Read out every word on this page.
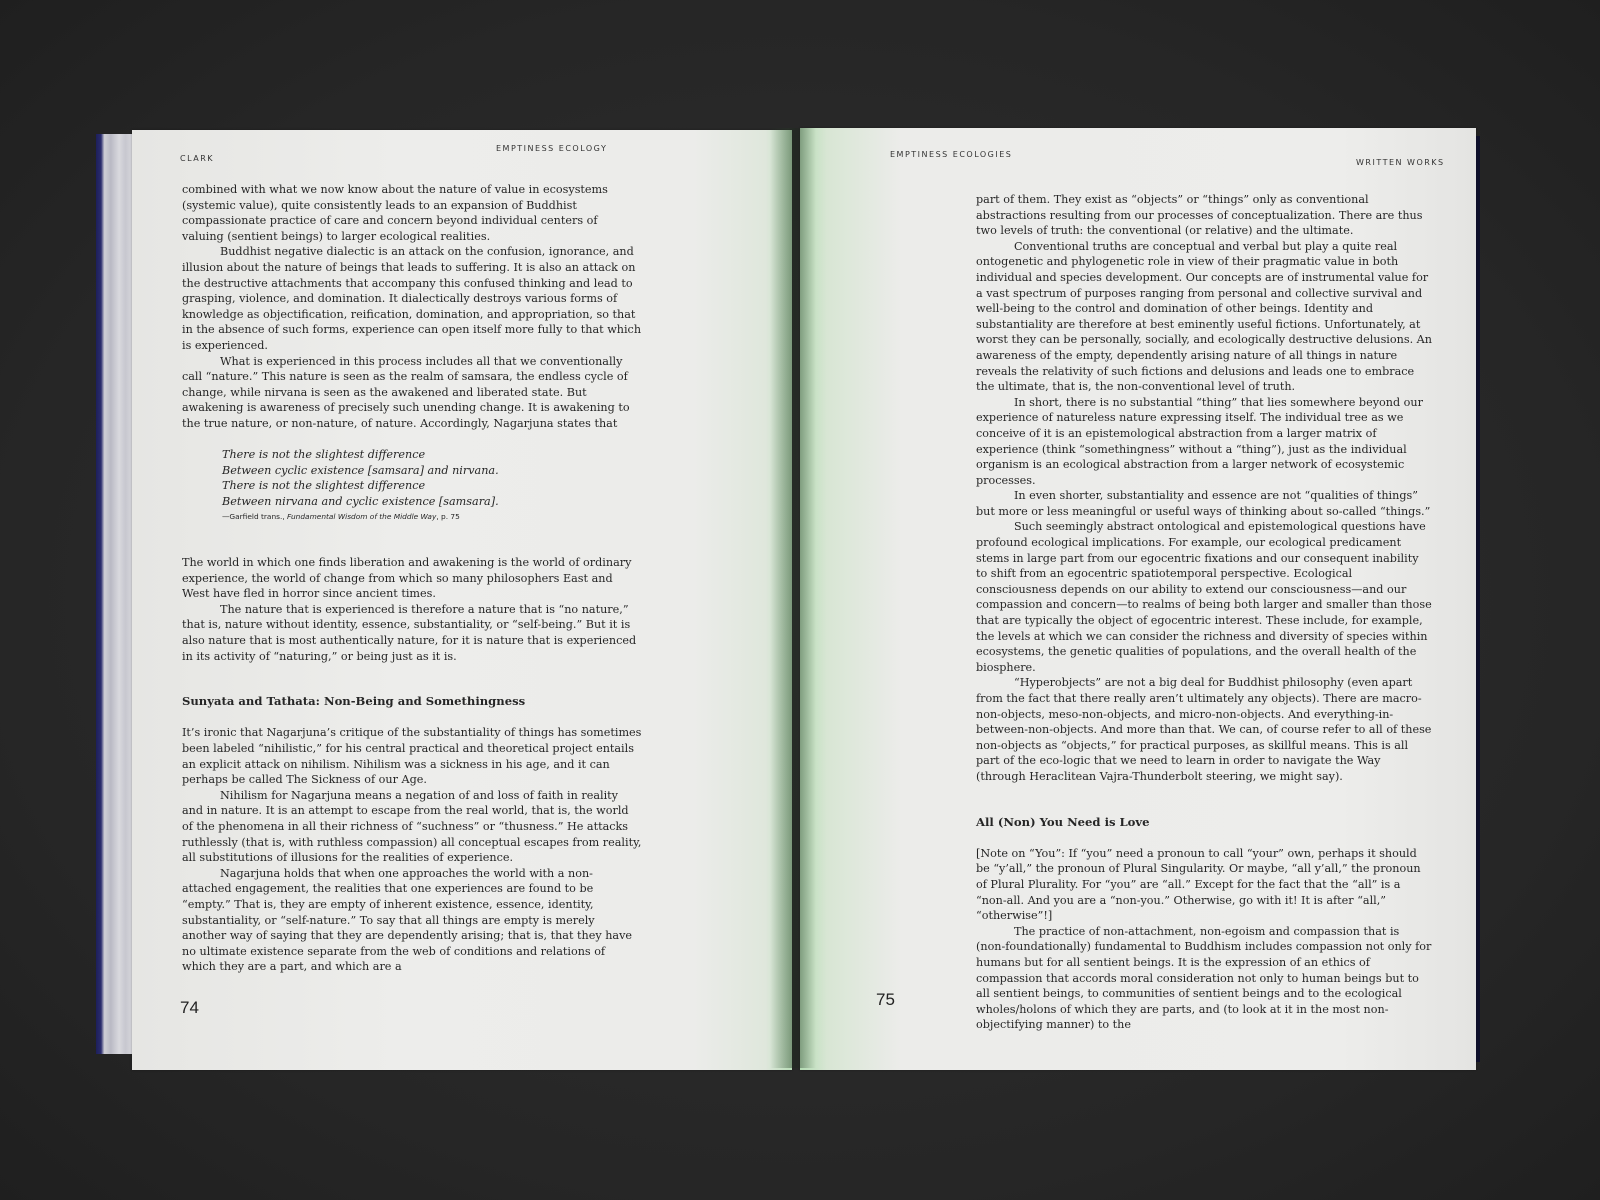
CLARK
EMPTINESS ECOLOGY

combined with what we now know about the nature of value in ecosystems (systemic value), quite consistently leads to an expansion of Buddhist compassionate practice of care and concern beyond individual centers of valuing (sentient beings) to larger ecological realities.

Buddhist negative dialectic is an attack on the confusion, ignorance, and illusion about the nature of beings that leads to suffering. It is also an attack on the destructive attachments that accompany this confused thinking and lead to grasping, violence, and domination. It dialectically destroys various forms of knowledge as objectification, reification, domination, and appropriation, so that in the absence of such forms, experience can open itself more fully to that which is experienced.

What is experienced in this process includes all that we conventionally call “nature.” This nature is seen as the realm of samsara, the endless cycle of change, while nirvana is seen as the awakened and liberated state. But awakening is awareness of precisely such unending change. It is awakening to the true nature, or non-nature, of nature. Accordingly, Nagarjuna states that

There is not the slightest difference
Between cyclic existence [samsara] and nirvana.
There is not the slightest difference
Between nirvana and cyclic existence [samsara].
—Garfield trans., Fundamental Wisdom of the Middle Way, p. 75

The world in which one finds liberation and awakening is the world of ordinary experience, the world of change from which so many philosophers East and West have fled in horror since ancient times.

The nature that is experienced is therefore a nature that is “no nature,” that is, nature without identity, essence, substantiality, or “self-being.” But it is also nature that is most authentically nature, for it is nature that is experienced in its activity of “naturing,” or being just as it is.

Sunyata and Tathata: Non-Being and Somethingness

It’s ironic that Nagarjuna’s critique of the substantiality of things has sometimes been labeled “nihilistic,” for his central practical and theoretical project entails an explicit attack on nihilism. Nihilism was a sickness in his age, and it can perhaps be called The Sickness of our Age.

Nihilism for Nagarjuna means a negation of and loss of faith in reality and in nature. It is an attempt to escape from the real world, that is, the world of the phenomena in all their richness of “suchness” or “thusness.” He attacks ruthlessly (that is, with ruthless compassion) all conceptual escapes from reality, all substitutions of illusions for the realities of experience.

Nagarjuna holds that when one approaches the world with a non-attached engagement, the realities that one experiences are found to be “empty.” That is, they are empty of inherent existence, essence, identity, substantiality, or “self-nature.” To say that all things are empty is merely another way of saying that they are dependently arising; that is, that they have no ultimate existence separate from the web of conditions and relations of which they are a part, and which are a

74
EMPTINESS ECOLOGIES
WRITTEN WORKS

part of them. They exist as “objects” or “things” only as conventional abstractions resulting from our processes of conceptualization. There are thus two levels of truth: the conventional (or relative) and the ultimate.

Conventional truths are conceptual and verbal but play a quite real ontogenetic and phylogenetic role in view of their pragmatic value in both individual and species development. Our concepts are of instrumental value for a vast spectrum of purposes ranging from personal and collective survival and well-being to the control and domination of other beings. Identity and substantiality are therefore at best eminently useful fictions. Unfortunately, at worst they can be personally, socially, and ecologically destructive delusions. An awareness of the empty, dependently arising nature of all things in nature reveals the relativity of such fictions and delusions and leads one to embrace the ultimate, that is, the non-conventional level of truth.

In short, there is no substantial “thing” that lies somewhere beyond our experience of natureless nature expressing itself. The individual tree as we conceive of it is an epistemological abstraction from a larger matrix of experience (think “somethingness” without a “thing”), just as the individual organism is an ecological abstraction from a larger network of ecosystemic processes.

In even shorter, substantiality and essence are not “qualities of things” but more or less meaningful or useful ways of thinking about so-called “things.”

Such seemingly abstract ontological and epistemological questions have profound ecological implications. For example, our ecological predicament stems in large part from our egocentric fixations and our consequent inability to shift from an egocentric spatiotemporal perspective. Ecological consciousness depends on our ability to extend our consciousness—and our compassion and concern—to realms of being both larger and smaller than those that are typically the object of egocentric interest. These include, for example, the levels at which we can consider the richness and diversity of species within ecosystems, the genetic qualities of populations, and the overall health of the biosphere.

“Hyperobjects” are not a big deal for Buddhist philosophy (even apart from the fact that there really aren’t ultimately any objects). There are macro-non-objects, meso-non-objects, and micro-non-objects. And everything-in-between-non-objects. And more than that. We can, of course refer to all of these non-objects as “objects,” for practical purposes, as skillful means. This is all part of the eco-logic that we need to learn in order to navigate the Way (through Heraclitean Vajra-Thunderbolt steering, we might say).

All (Non) You Need is Love

[Note on “You”: If “you” need a pronoun to call “your” own, perhaps it should be “y’all,” the pronoun of Plural Singularity. Or maybe, “all y’all,” the pronoun of Plural Plurality. For “you” are “all.” Except for the fact that the “all” is a “non-all. And you are a “non-you.” Otherwise, go with it! It is after “all,” “otherwise”!]

The practice of non-attachment, non-egoism and compassion that is (non-foundationally) fundamental to Buddhism includes compassion not only for humans but for all sentient beings. It is the expression of an ethics of compassion that accords moral consideration not only to human beings but to all sentient beings, to communities of sentient beings and to the ecological wholes/holons of which they are parts, and (to look at it in the most non-objectifying manner) to the

75
